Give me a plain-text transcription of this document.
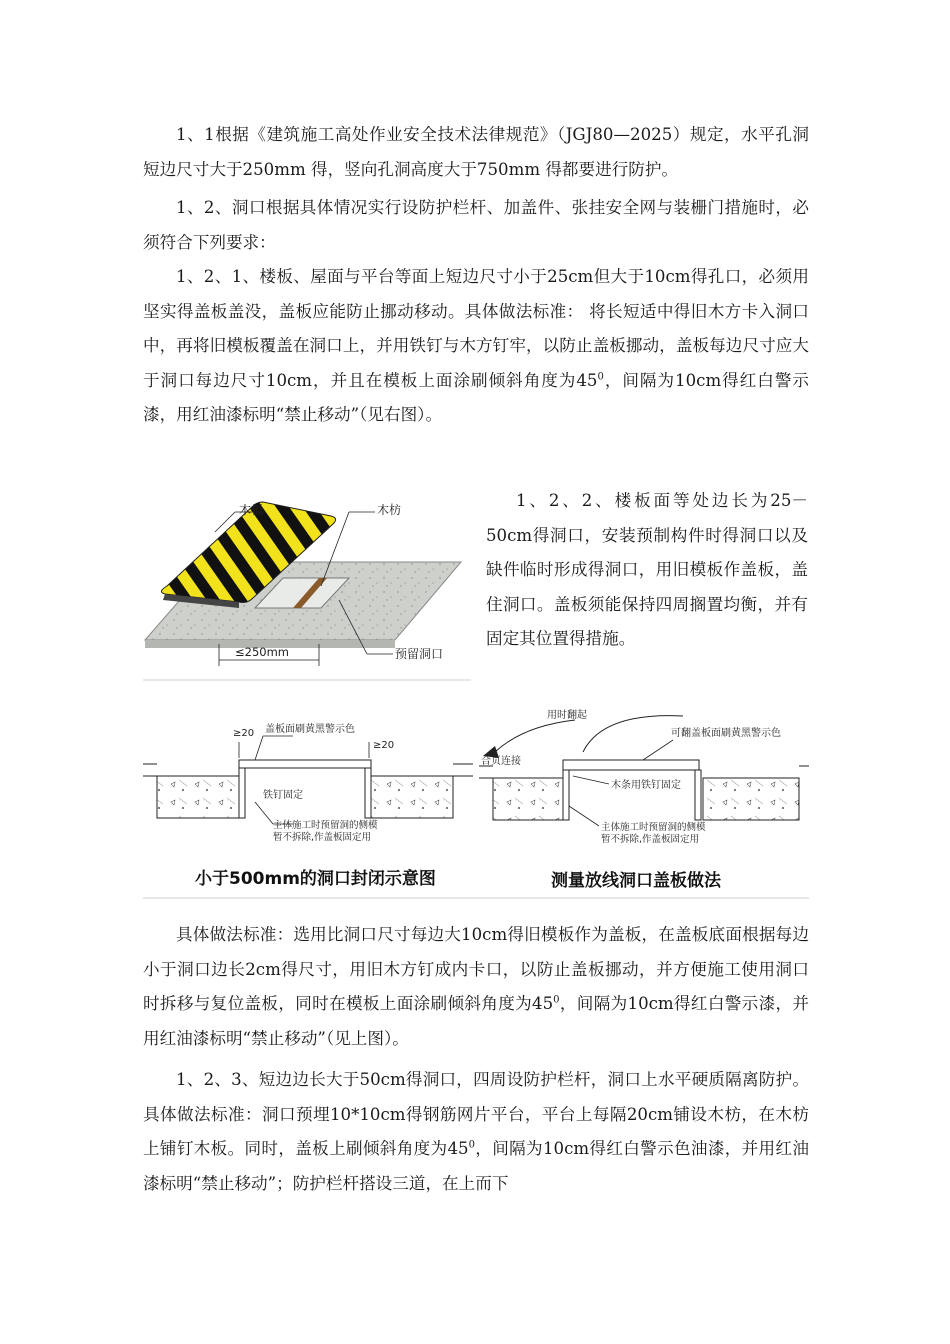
1、1根据《建筑施工高处作业安全技术法律规范》（JGJ80—2025）规定，水平孔洞短边尺寸大于250mm 得，竖向孔洞高度大于750mm 得都要进行防护。

1、2、洞口根据具体情况实行设防护栏杆、加盖件、张挂安全网与装栅门措施时，必须符合下列要求：

1、2、1、楼板、屋面与平台等面上短边尺寸小于25cm但大于10cm得孔口，必须用坚实得盖板盖没，盖板应能防止挪动移动。具体做法标准： 将长短适中得旧木方卡入洞口中，再将旧模板覆盖在洞口上，并用铁钉与木方钉牢，以防止盖板挪动，盖板每边尺寸应大于洞口每边尺寸10cm，并且在模板上面涂刷倾斜角度为$45^0$，间隔为10cm得红白警示漆，用红油漆标明“禁止移动”（见右图）。

木板	木枋
预留洞口
≤250mm

1、2、2、楼板面等处边长为25－50cm得洞口，安装预制构件时得洞口以及缺件临时形成得洞口，用旧模板作盖板，盖住洞口。盖板须能保持四周搁置均衡，并有固定其位置得措施。

≥20
≥20
盖板面刷黄黑警示色
铁钉固定
主体施工时预留洞的侧模
暂不拆除,作盖板固定用
小于500mm的洞口封闭示意图
用时翻起
可翻盖板面刷黄黑警示色
合页连接
木条用铁钉固定
主体施工时预留洞的侧模
暂不拆除,作盖板固定用
测量放线洞口盖板做法

具体做法标准：选用比洞口尺寸每边大10cm得旧模板作为盖板，在盖板底面根据每边小于洞口边长2cm得尺寸，用旧木方钉成内卡口，以防止盖板挪动，并方便施工使用洞口时拆移与复位盖板，同时在模板上面涂刷倾斜角度为$45^0$，间隔为10cm得红白警示漆，并用红油漆标明“禁止移动”（见上图）。

1、2、3、短边边长大于50cm得洞口，四周设防护栏杆，洞口上水平硬质隔离防护。具体做法标准：洞口预埋10*10cm得钢筋网片平台，平台上每隔20cm铺设木枋，在木枋上铺钉木板。同时，盖板上刷倾斜角度为$45^0$，间隔为10cm得红白警示色油漆，并用红油漆标明“禁止移动”；防护栏杆搭设三道，在上而下
